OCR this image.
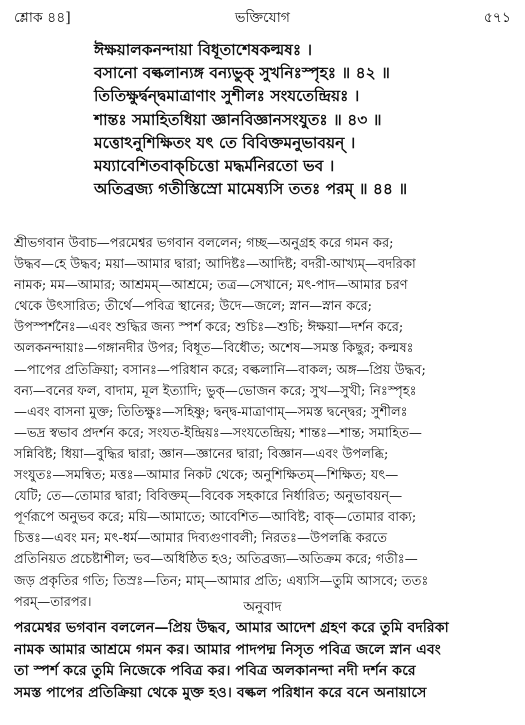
শ্লোক ৪৪]	ভক্তিযোগ	৫৭১
ঈক্ষয়ালকনন্দায়া বিধূতাশেষকল্মষঃ ।
বসানো বল্কলান্যঙ্গ বন্যভুক্ সুখনিঃস্পৃহঃ ॥ ৪২ ॥
তিতিক্ষুর্দ্বন্দ্বমাত্রাণাং সুশীলঃ সংযতেন্দ্রিয়ঃ ।
শান্তঃ সমাহিতধিয়া জ্ঞানবিজ্ঞানসংযুতঃ ॥ ৪৩ ॥
মত্তোঽনুশিক্ষিতং যৎ তে বিবিক্তমনুভাবয়ন্ ।
ময্যাবেশিতবাক্‌চিত্তো মদ্ধর্মনিরতো ভব ।
অতিব্রজ্য গতীস্তিস্রো মামেষ্যসি ততঃ পরম্ ॥ ৪৪ ॥
শ্রীভগবান উবাচ—পরমেশ্বর ভগবান বললেন; গচ্ছ—অনুগ্রহ করে গমন কর;
উদ্ধব—হে উদ্ধব; ময়া—আমার দ্বারা; আদিষ্টঃ—আদিষ্ট; বদরী-আখ্যম্—বদরিকা
নামক; মম—আমার; আশ্রমম্—আশ্রমে; তত্র—সেখানে; মৎ-পাদ—আমার চরণ
থেকে উৎসারিত; তীর্থে—পবিত্র স্থানের; উদে—জলে; স্নান—স্নান করে;
উপস্পর্শনৈঃ—এবং শুদ্ধির জন্য স্পর্শ করে; শুচিঃ—শুচি; ঈক্ষয়া—দর্শন করে;
অলকনন্দায়াঃ—গঙ্গানদীর উপর; বিধূত—বিধৌত; অশেষ—সমস্ত কিছুর; কল্মষঃ
—পাপের প্রতিক্রিয়া; বসানঃ—পরিধান করে; বল্কলানি—বাকল; অঙ্গ—প্রিয় উদ্ধব;
বন্য—বনের ফল, বাদাম, মূল ইত্যাদি; ভুক্—ভোজন করে; সুখ—সুখী; নিঃস্পৃহঃ
—এবং বাসনা মুক্ত; তিতিক্ষুঃ—সহিষ্ণু; দ্বন্দ্ব-মাত্রাণাম্—সমস্ত দ্বন্দ্বের; সুশীলঃ
—ভদ্র স্বভাব প্রদর্শন করে; সংযত-ইন্দ্রিয়ঃ—সংযতেন্দ্রিয়; শান্তঃ—শান্ত; সমাহিত—
সন্নিবিষ্ট; ধিয়া—বুদ্ধির দ্বারা; জ্ঞান—জ্ঞানের দ্বারা; বিজ্ঞান—এবং উপলব্ধি;
সংযুতঃ—সমন্বিত; মত্তঃ—আমার নিকট থেকে; অনুশিক্ষিতম্—শিক্ষিত; যৎ—
যেটি; তে—তোমার দ্বারা; বিবিক্তম্—বিবেক সহকারে নির্ধারিত; অনুভাবয়ন্—
পূর্ণরূপে অনুভব করে; ময়ি—আমাতে; আবেশিত—আবিষ্ট; বাক্—তোমার বাক্য;
চিত্তঃ—এবং মন; মৎ-ধর্ম—আমার দিব্যগুণাবলী; নিরতঃ—উপলব্ধি করতে
প্রতিনিয়ত প্রচেষ্টাশীল; ভব—অধিষ্ঠিত হও; অতিব্রজ্য—অতিক্রম করে; গতীঃ—
জড় প্রকৃতির গতি; তিস্রঃ—তিন; মাম্—আমার প্রতি; এষ্যসি—তুমি আসবে; ততঃ
পরম্—তারপর।	অনুবাদ
পরমেশ্বর ভগবান বললেন—প্রিয় উদ্ধব, আমার আদেশ গ্রহণ করে তুমি বদরিকা
নামক আমার আশ্রমে গমন কর। আমার পাদপদ্ম নিসৃত পবিত্র জলে স্নান এবং
তা স্পর্শ করে তুমি নিজেকে পবিত্র কর। পবিত্র অলকানন্দা নদী দর্শন করে
সমস্ত পাপের প্রতিক্রিয়া থেকে মুক্ত হও। বল্কল পরিধান করে বনে অনায়াসে
